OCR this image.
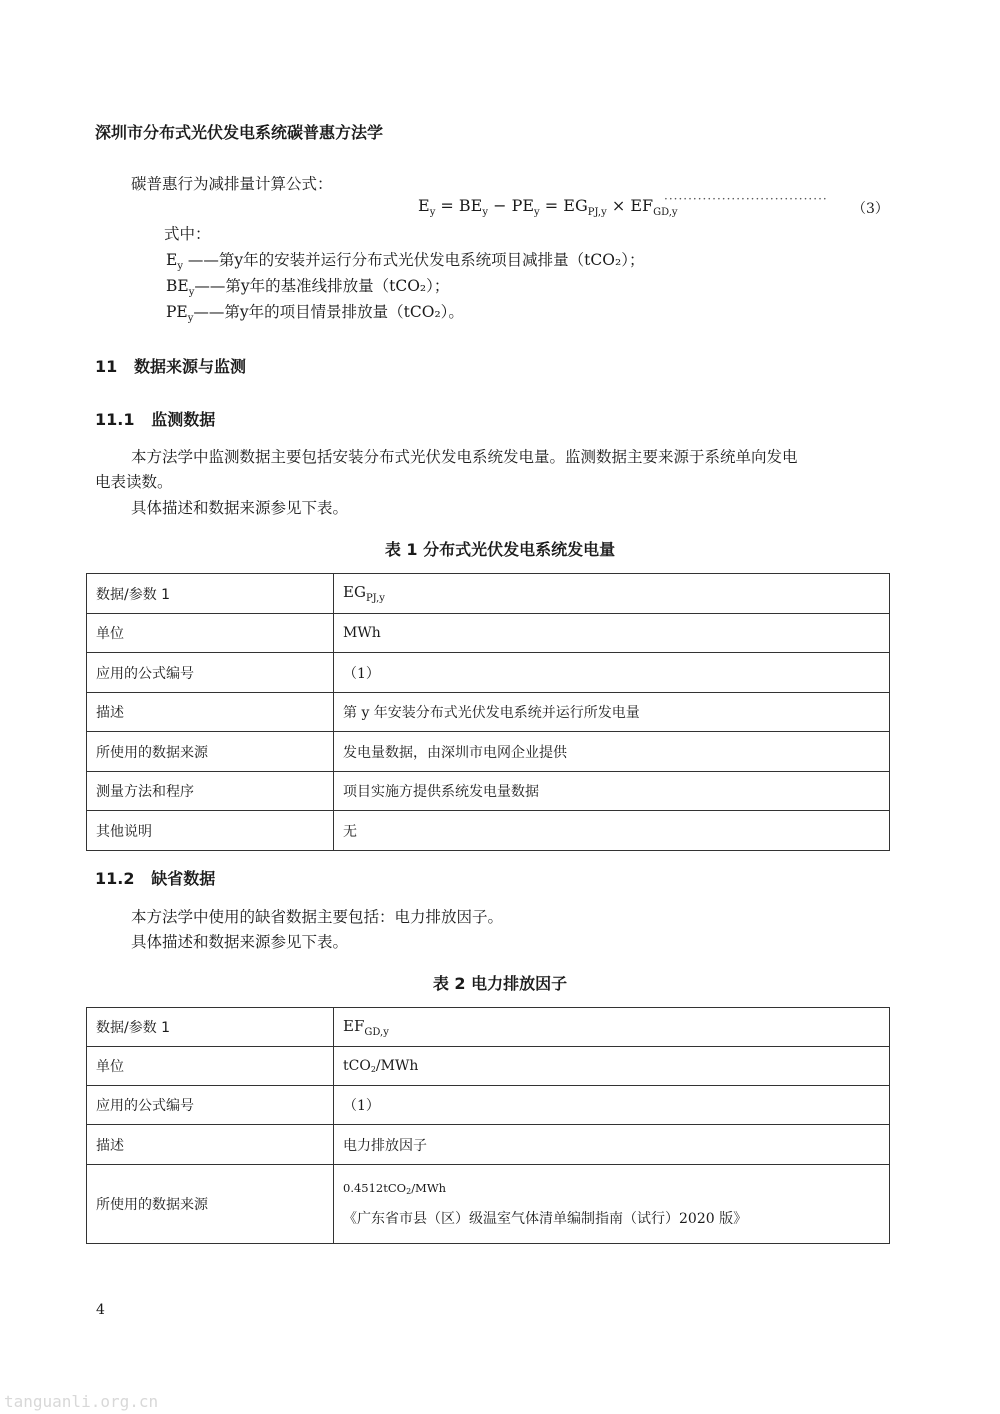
深圳市分布式光伏发电系统碳普惠方法学
碳普惠行为减排量计算公式：
$E_y = BE_y - PE_y = EG_{PJ,y} \times EF_{GD,y}$
··································
（3）
式中：
$E_y$ ——第y年的安装并运行分布式光伏发电系统项目减排量（tCO₂）；
$BE_y——$第y年的基准线排放量（tCO₂）；
$PE_y——$第y年的项目情景排放量（tCO₂）。
11 数据来源与监测
11.1 监测数据
本方法学中监测数据主要包括安装分布式光伏发电系统发电量。监测数据主要来源于系统单向发电
电表读数。
具体描述和数据来源参见下表。
表 1 分布式光伏发电系统发电量
数据/参数 1	$EG_{PJ,y}$
单位	MWh
应用的公式编号	（1）
描述	第 y 年安装分布式光伏发电系统并运行所发电量
所使用的数据来源	发电量数据，由深圳市电网企业提供
测量方法和程序	项目实施方提供系统发电量数据
其他说明	无
11.2 缺省数据
本方法学中使用的缺省数据主要包括：电力排放因子。
具体描述和数据来源参见下表。
表 2 电力排放因子
数据/参数 1	$EF_{GD,y}$
单位	tCO2/MWh
应用的公式编号	（1）
描述	电力排放因子
所使用的数据来源	0.4512tCO2/MWh
《广东省市县（区）级温室气体清单编制指南（试行）2020 版》
4
tanguanli.org.cn
